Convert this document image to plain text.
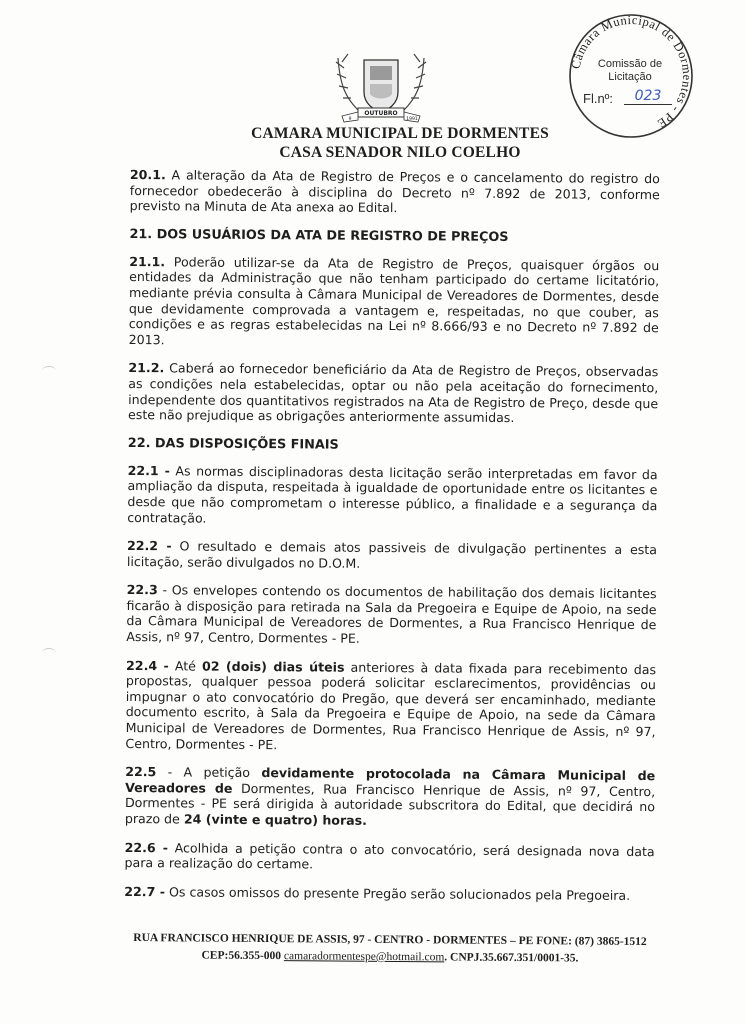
OUTUBRO
9	1991
CAMARA MUNICIPAL DE DORMENTES
CASA SENADOR NILO COELHO
Câmara Municipal de Dormentes - PE
Comissão de
Licitação
Fl.nº:	023
20.1. A alteração da Ata de Registro de Preços e o cancelamento do registro do fornecedor obedecerão à disciplina do Decreto nº 7.892 de 2013, conforme previsto na Minuta de Ata anexa ao Edital.
21. DOS USUÁRIOS DA ATA DE REGISTRO DE PREÇOS
21.1. Poderão utilizar-se da Ata de Registro de Preços, quaisquer órgãos ou entidades da Administração que não tenham participado do certame licitatório, mediante prévia consulta à Câmara Municipal de Vereadores de Dormentes, desde que devidamente comprovada a vantagem e, respeitadas, no que couber, as condições e as regras estabelecidas na Lei nº 8.666/93 e no Decreto nº 7.892 de 2013.
21.2. Caberá ao fornecedor beneficiário da Ata de Registro de Preços, observadas as condições nela estabelecidas, optar ou não pela aceitação do fornecimento, independente dos quantitativos registrados na Ata de Registro de Preço, desde que este não prejudique as obrigações anteriormente assumidas.
22. DAS DISPOSIÇÕES FINAIS
22.1 - As normas disciplinadoras desta licitação serão interpretadas em favor da ampliação da disputa, respeitada à igualdade de oportunidade entre os licitantes e desde que não comprometam o interesse público, a finalidade e a segurança da contratação.
22.2 - O resultado e demais atos passiveis de divulgação pertinentes a esta licitação, serão divulgados no D.O.M.
22.3 - Os envelopes contendo os documentos de habilitação dos demais licitantes ficarão à disposição para retirada na Sala da Pregoeira e Equipe de Apoio, na sede da Câmara Municipal de Vereadores de Dormentes, a Rua Francisco Henrique de Assis, nº 97, Centro, Dormentes - PE.
22.4 - Até 02 (dois) dias úteis anteriores à data fixada para recebimento das propostas, qualquer pessoa poderá solicitar esclarecimentos, providências ou impugnar o ato convocatório do Pregão, que deverá ser encaminhado, mediante documento escrito, à Sala da Pregoeira e Equipe de Apoio, na sede da Câmara Municipal de Vereadores de Dormentes, Rua Francisco Henrique de Assis, nº 97, Centro, Dormentes - PE.
22.5 - A petição devidamente protocolada na Câmara Municipal de Vereadores de Dormentes, Rua Francisco Henrique de Assis, nº 97, Centro, Dormentes - PE será dirigida à autoridade subscritora do Edital, que decidirá no prazo de 24 (vinte e quatro) horas.
22.6 - Acolhida a petição contra o ato convocatório, será designada nova data para a realização do certame.
22.7 - Os casos omissos do presente Pregão serão solucionados pela Pregoeira.
RUA FRANCISCO HENRIQUE DE ASSIS, 97 - CENTRO - DORMENTES – PE FONE: (87) 3865-1512
CEP:56.355-000 camaradormentespe@hotmail.com. CNPJ.35.667.351/0001-35.
